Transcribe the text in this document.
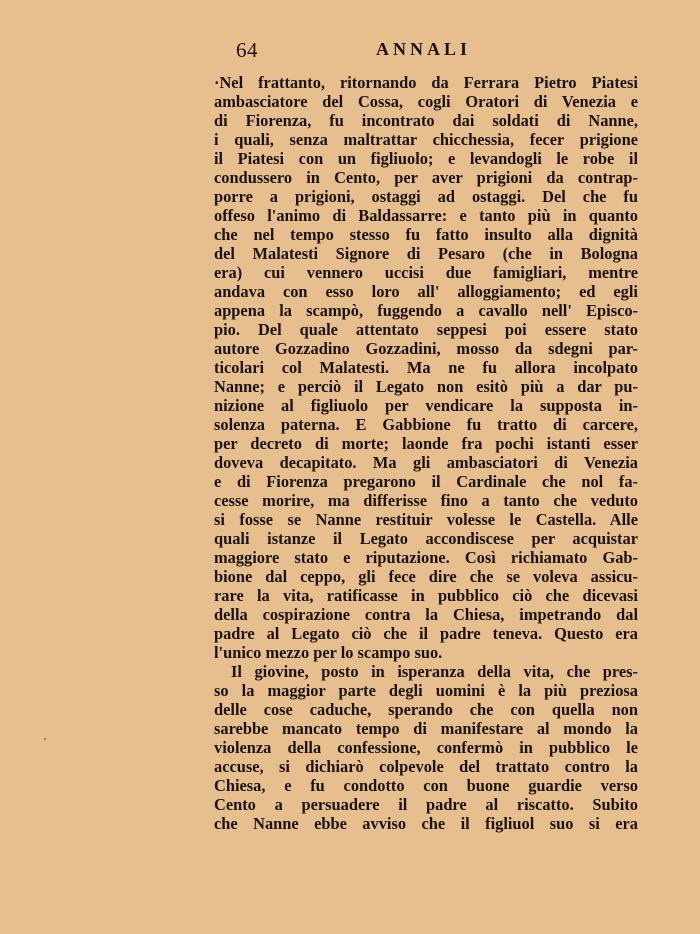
64	ANNALI
·Nel frattanto, ritornando da Ferrara Pietro Piatesi
ambasciatore del Cossa, cogli Oratori di Venezia e
di Fiorenza, fu incontrato dai soldati di Nanne,
i quali, senza maltrattar chicchessia, fecer prigione
il Piatesi con un figliuolo; e levandogli le robe il
condussero in Cento, per aver prigioni da contrap-
porre a prigioni, ostaggi ad ostaggi. Del che fu
offeso l'animo di Baldassarre: e tanto più in quanto
che nel tempo stesso fu fatto insulto alla dignità
del Malatesti Signore di Pesaro (che in Bologna
era) cui vennero uccisi due famigliari, mentre
andava con esso loro all' alloggiamento; ed egli
appena la scampò, fuggendo a cavallo nell' Episco-
pio. Del quale attentato seppesi poi essere stato
autore Gozzadino Gozzadini, mosso da sdegni par-
ticolari col Malatesti. Ma ne fu allora incolpato
Nanne; e perciò il Legato non esitò più a dar pu-
nizione al figliuolo per vendicare la supposta in-
solenza paterna. E Gabbione fu tratto di carcere,
per decreto di morte; laonde fra pochi istanti esser
doveva decapitato. Ma gli ambasciatori di Venezia
e di Fiorenza pregarono il Cardinale che nol fa-
cesse morire, ma differisse fino a tanto che veduto
si fosse se Nanne restituir volesse le Castella. Alle
quali istanze il Legato accondiscese per acquistar
maggiore stato e riputazione. Così richiamato Gab-
bione dal ceppo, gli fece dire che se voleva assicu-
rare la vita, ratificasse in pubblico ciò che dicevasi
della cospirazione contra la Chiesa, impetrando dal
padre al Legato ciò che il padre teneva. Questo era
l'unico mezzo per lo scampo suo.
Il giovine, posto in isperanza della vita, che pres-
so la maggior parte degli uomini è la più preziosa
delle cose caduche, sperando che con quella non
sarebbe mancato tempo di manifestare al mondo la
violenza della confessione, confermò in pubblico le
accuse, si dichiarò colpevole del trattato contro la
Chiesa, e fu condotto con buone guardie verso
Cento a persuadere il padre al riscatto. Subito
che Nanne ebbe avviso che il figliuol suo si era
